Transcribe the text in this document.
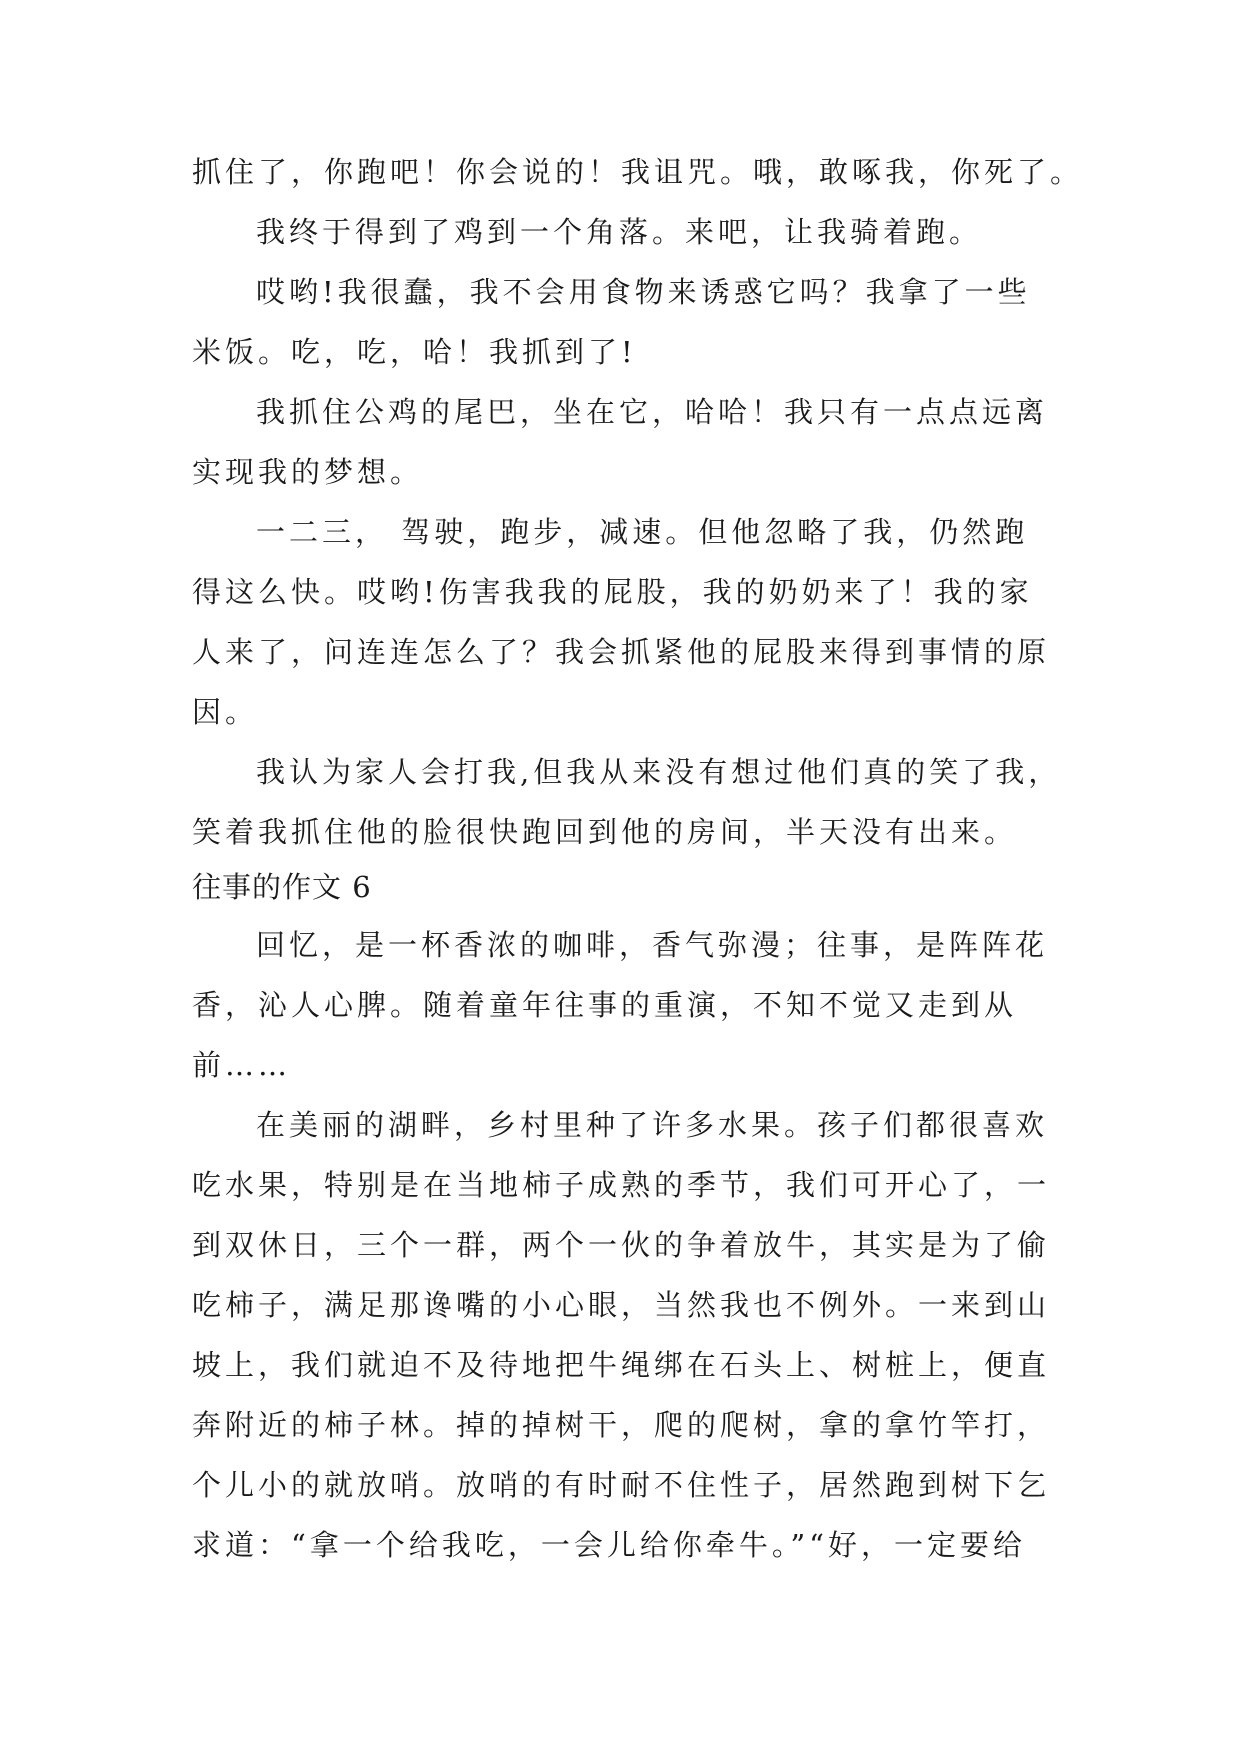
抓住了，你跑吧！你会说的！我诅咒。哦，敢啄我，你死了。
我终于得到了鸡到一个角落。来吧，让我骑着跑。
哎哟!我很蠢，我不会用食物来诱惑它吗？我拿了一些
米饭。吃，吃，哈！我抓到了!
我抓住公鸡的尾巴，坐在它，哈哈！我只有一点点远离
实现我的梦想。
一二三， 驾驶，跑步，减速。但他忽略了我，仍然跑
得这么快。哎哟!伤害我我的屁股，我的奶奶来了！我的家
人来了，问连连怎么了？我会抓紧他的屁股来得到事情的原
因。
我认为家人会打我,但我从来没有想过他们真的笑了我，
笑着我抓住他的脸很快跑回到他的房间，半天没有出来。
往事的作文 6
回忆，是一杯香浓的咖啡，香气弥漫；往事，是阵阵花
香，沁人心脾。随着童年往事的重演，不知不觉又走到从
前……
在美丽的湖畔，乡村里种了许多水果。孩子们都很喜欢
吃水果，特别是在当地柿子成熟的季节，我们可开心了，一
到双休日，三个一群，两个一伙的争着放牛，其实是为了偷
吃柿子，满足那谗嘴的小心眼，当然我也不例外。一来到山
坡上，我们就迫不及待地把牛绳绑在石头上、树桩上，便直
奔附近的柿子林。掉的掉树干，爬的爬树，拿的拿竹竿打，
个儿小的就放哨。放哨的有时耐不住性子，居然跑到树下乞
求道：“拿一个给我吃，一会儿给你牵牛。”“好，一定要给
